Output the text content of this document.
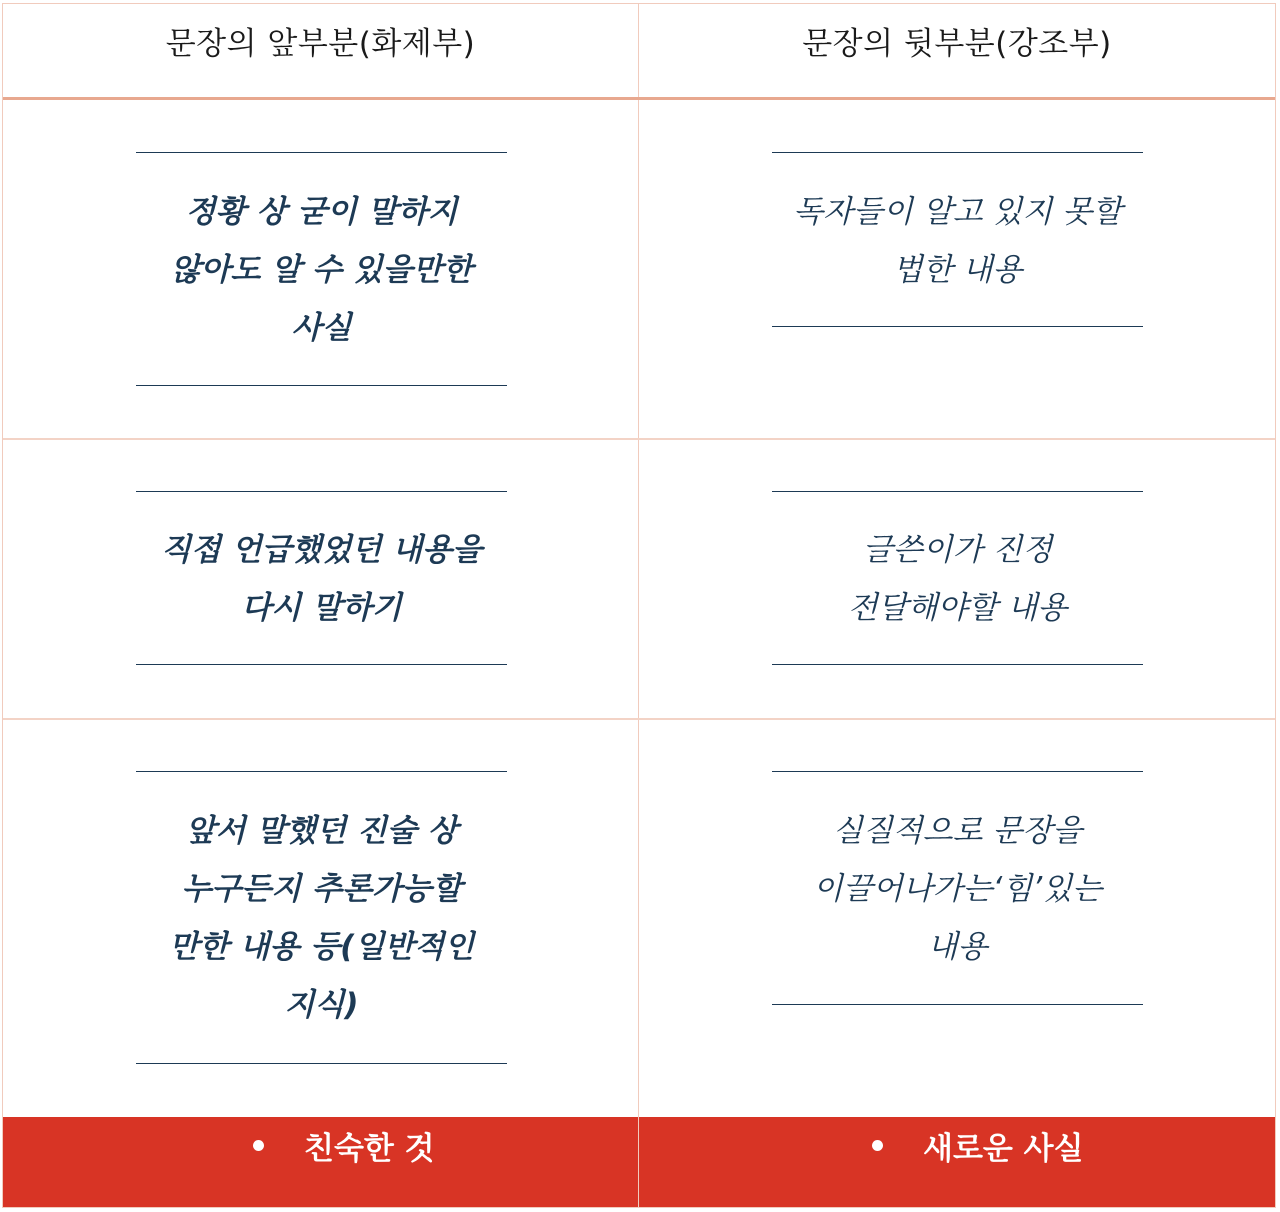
문장의 앞부분(화제부)	문장의 뒷부분(강조부)
정황 상 굳이 말하지
않아도 알 수 있을만한
사실
독자들이 알고 있지 못할
법한 내용
직접 언급했었던 내용을
다시 말하기
글쓴이가 진정
전달해야할 내용
앞서 말했던 진술 상
누구든지 추론가능할
만한 내용 등(일반적인
지식)
실질적으로 문장을
이끌어나가는‘힘’있는
내용
친숙한 것	새로운 사실
